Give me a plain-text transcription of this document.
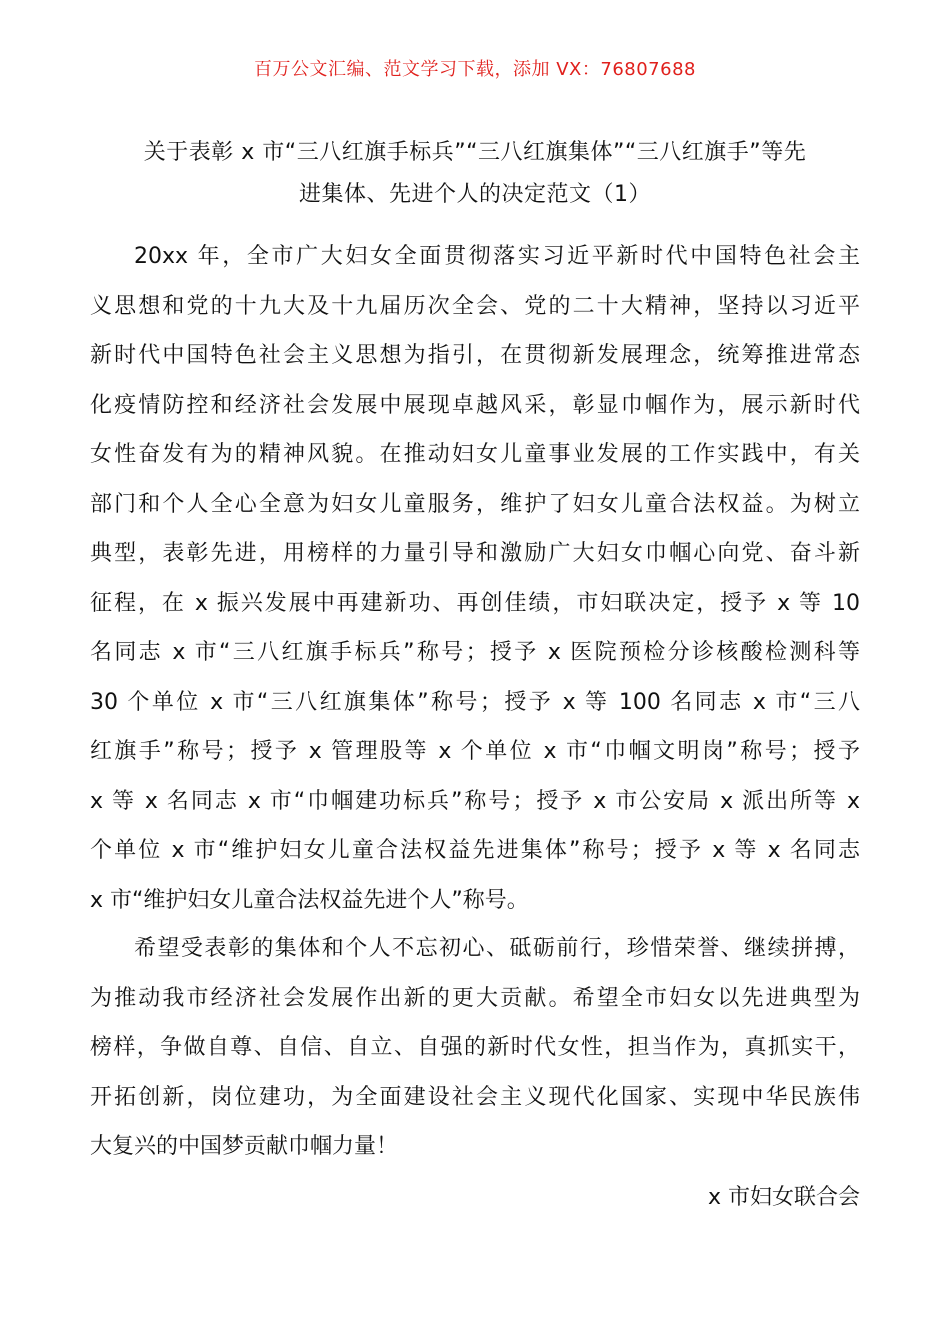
百万公文汇编、范文学习下载，添加 VX：76807688
关于表彰 x 市“三八红旗手标兵”“三八红旗集体”“三八红旗手”等先
进集体、先进个人的决定范文（1）
20xx 年，全市广大妇女全面贯彻落实习近平新时代中国特色社会主
义思想和党的十九大及十九届历次全会、党的二十大精神，坚持以习近平
新时代中国特色社会主义思想为指引，在贯彻新发展理念，统筹推进常态
化疫情防控和经济社会发展中展现卓越风采，彰显巾帼作为，展示新时代
女性奋发有为的精神风貌。在推动妇女儿童事业发展的工作实践中，有关
部门和个人全心全意为妇女儿童服务，维护了妇女儿童合法权益。为树立
典型，表彰先进，用榜样的力量引导和激励广大妇女巾帼心向党、奋斗新
征程，在 x 振兴发展中再建新功、再创佳绩，市妇联决定，授予 x 等 10
名同志 x 市“三八红旗手标兵”称号；授予 x 医院预检分诊核酸检测科等
30 个单位 x 市“三八红旗集体”称号；授予 x 等 100 名同志 x 市“三八
红旗手”称号；授予 x 管理股等 x 个单位 x 市“巾帼文明岗”称号；授予
x 等 x 名同志 x 市“巾帼建功标兵”称号；授予 x 市公安局 x 派出所等 x
个单位 x 市“维护妇女儿童合法权益先进集体”称号；授予 x 等 x 名同志
x 市“维护妇女儿童合法权益先进个人”称号。
希望受表彰的集体和个人不忘初心、砥砺前行，珍惜荣誉、继续拼搏，
为推动我市经济社会发展作出新的更大贡献。希望全市妇女以先进典型为
榜样，争做自尊、自信、自立、自强的新时代女性，担当作为，真抓实干，
开拓创新，岗位建功，为全面建设社会主义现代化国家、实现中华民族伟
大复兴的中国梦贡献巾帼力量！
x 市妇女联合会
